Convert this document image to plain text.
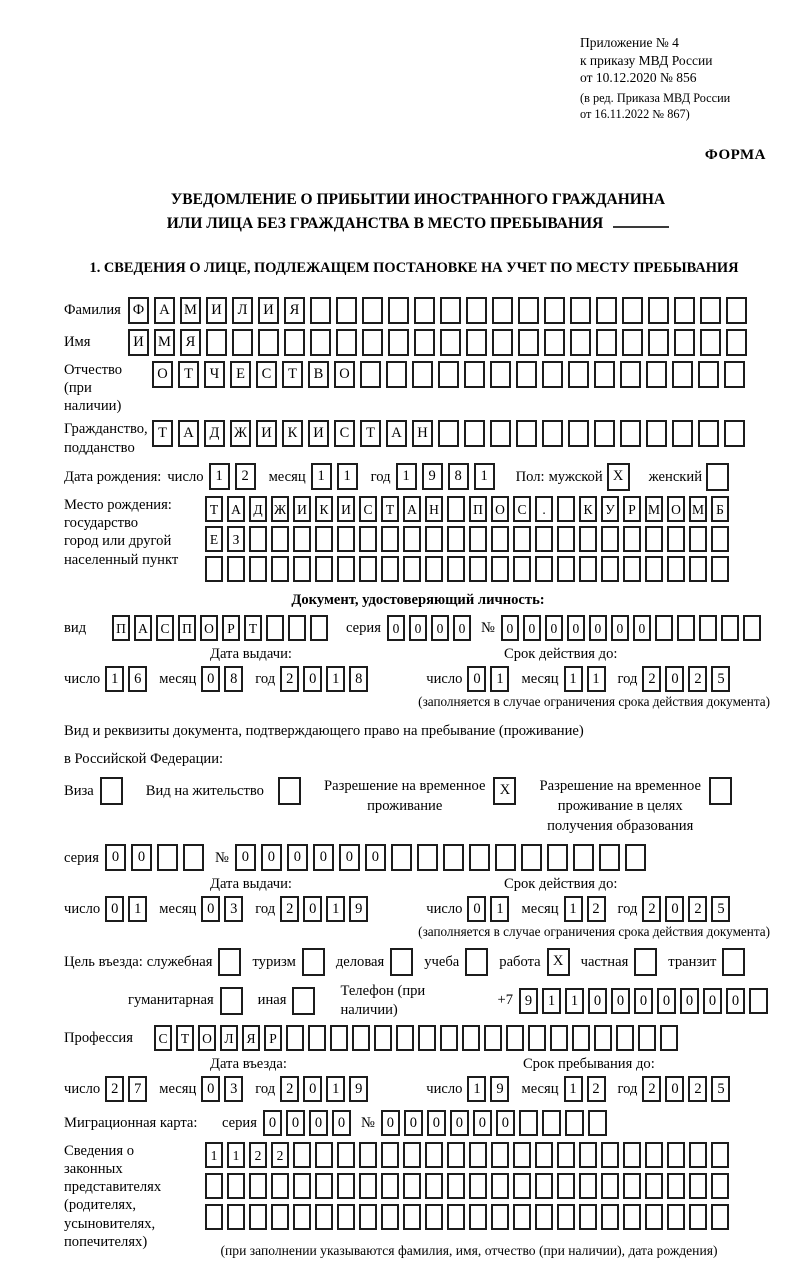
Приложение № 4
к приказу МВД России
от 10.12.2020 № 856
(в ред. Приказа МВД России
от 16.11.2022 № 867)
ФОРМА
УВЕДОМЛЕНИЕ О ПРИБЫТИИ ИНОСТРАННОГО ГРАЖДАНИНА
ИЛИ ЛИЦА БЕЗ ГРАЖДАНСТВА В МЕСТО ПРЕБЫВАНИЯ
1. СВЕДЕНИЯ О ЛИЦЕ, ПОДЛЕЖАЩЕМ ПОСТАНОВКЕ НА УЧЕТ ПО МЕСТУ ПРЕБЫВАНИЯ
Фамилия Ф	А М И	Л	И	Я
Имя	И М	Я
Отчество
(при наличии)
О	Т	Ч	Е	С	Т	В	О
Гражданство,
подданство
Т	А	Д	Ж И	К	И	С	Т	А	Н
Дата рождения: число 1	2	месяц 1	1	год 1	9	8	1	Пол: мужской X	женский
Место рождения:
государство
город или другой
населенный пункт
Т А Д Ж И К И С Т А Н	П О С	.	К У Р М О М Б
Е	З
Документ, удостоверяющий личность:
вид	П А С П О Р	Т	серия 0	0	0	0	№ 0	0	0	0	0	0	0
Дата выдачи:	Срок действия до:
число 1	6	месяц 0	8	год 2	0	1	8	число 0	1	месяц 1	1	год 2	0	2	5
(заполняется в случае ограничения срока действия документа)
Вид и реквизиты документа, подтверждающего право на пребывание (проживание)
в Российской Федерации:
Виза	Вид на жительство	Разрешение на временное
проживание
X	Разрешение на временное
проживание в целях
получения образования
серия 0	0	№ 0	0	0	0	0	0
Дата выдачи:	Срок действия до:
число 0	1	месяц 0	3	год 2	0	1	9	число 0	1	месяц 1	2	год 2	0	2	5
(заполняется в случае ограничения срока действия документа)
Цель въезда: служебная	туризм	деловая	учеба	работа X	частная	транзит
гуманитарная	иная
Телефон (при наличии)
+7 9	1	1	0	0	0	0	0	0	0
Профессия	С Т О Л Я	Р
Дата въезда:	Срок пребывания до:
число 2	7	месяц 0	3	год 2	0	1	9	число 1	9	месяц 1	2	год 2	0	2	5
Миграционная карта:	серия 0	0	0	0	№ 0	0	0	0	0	0
Сведения о
законных
представителях
(родителях,
усыновителях,
попечителях)
1	1	2	2
(при заполнении указываются фамилия, имя, отчество (при наличии), дата рождения)
